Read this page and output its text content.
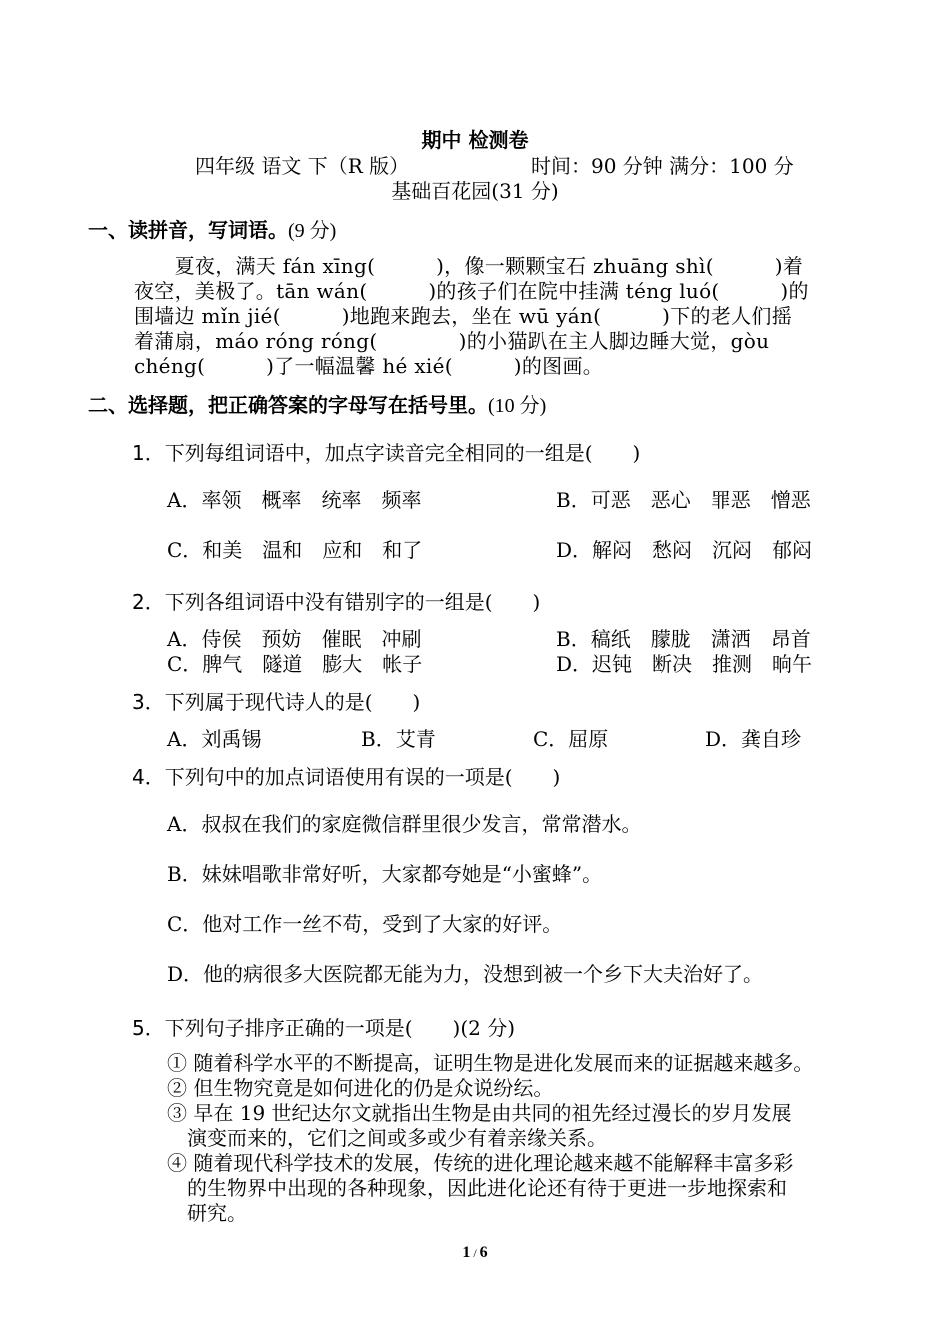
期中 检测卷
四年级 语文 下（R 版）	时间：90 分钟 满分：100 分
基础百花园(31 分)
一、读拼音，写词语。(9 分)
　　夏夜，满天 fán xīng(　　　)，像一颗颗宝石 zhuāng shì(　　　)着
夜空，美极了。tān wán(　　　)的孩子们在院中挂满 téng luó(　　　)的
围墙边 mǐn jié(　　　)地跑来跑去，坐在 wū yán(　　　)下的老人们摇
着蒲扇，máo róng róng(　　　　)的小猫趴在主人脚边睡大觉，gòu
chéng(　　　)了一幅温馨 hé xié(　　　)的图画。
二、选择题，把正确答案的字母写在括号里。(10 分)
1．下列每组词语中，加点字读音完全相同的一组是(　　)
A．率领　概率　统率　频率	B．可恶　恶心　罪恶　憎恶
C．和美　温和　应和　和了	D．解闷　愁闷　沉闷　郁闷
2．下列各组词语中没有错别字的一组是(　　)
A．侍侯　预妨　催眠　冲刷	B．稿纸　朦胧　潇洒　昂首
C．脾气　隧道　膨大　帐子	D．迟钝　断决　推测　晌午
3．下列属于现代诗人的是(　　)
A．刘禹锡	B．艾青	C．屈原	D．龚自珍
4．下列句中的加点词语使用有误的一项是(　　)
A．叔叔在我们的家庭微信群里很少发言，常常潜水。
B．妹妹唱歌非常好听，大家都夸她是“小蜜蜂”。
C．他对工作一丝不苟，受到了大家的好评。
D．他的病很多大医院都无能为力，没想到被一个乡下大夫治好了。
5．下列句子排序正确的一项是(　　)(2 分)
① 随着科学水平的不断提高，证明生物是进化发展而来的证据越来越多。
② 但生物究竟是如何进化的仍是众说纷纭。
③ 早在 19 世纪达尔文就指出生物是由共同的祖先经过漫长的岁月发展
　演变而来的，它们之间或多或少有着亲缘关系。
④ 随着现代科学技术的发展，传统的进化理论越来越不能解释丰富多彩
　的生物界中出现的各种现象，因此进化论还有待于更进一步地探索和
　研究。
1 / 6
